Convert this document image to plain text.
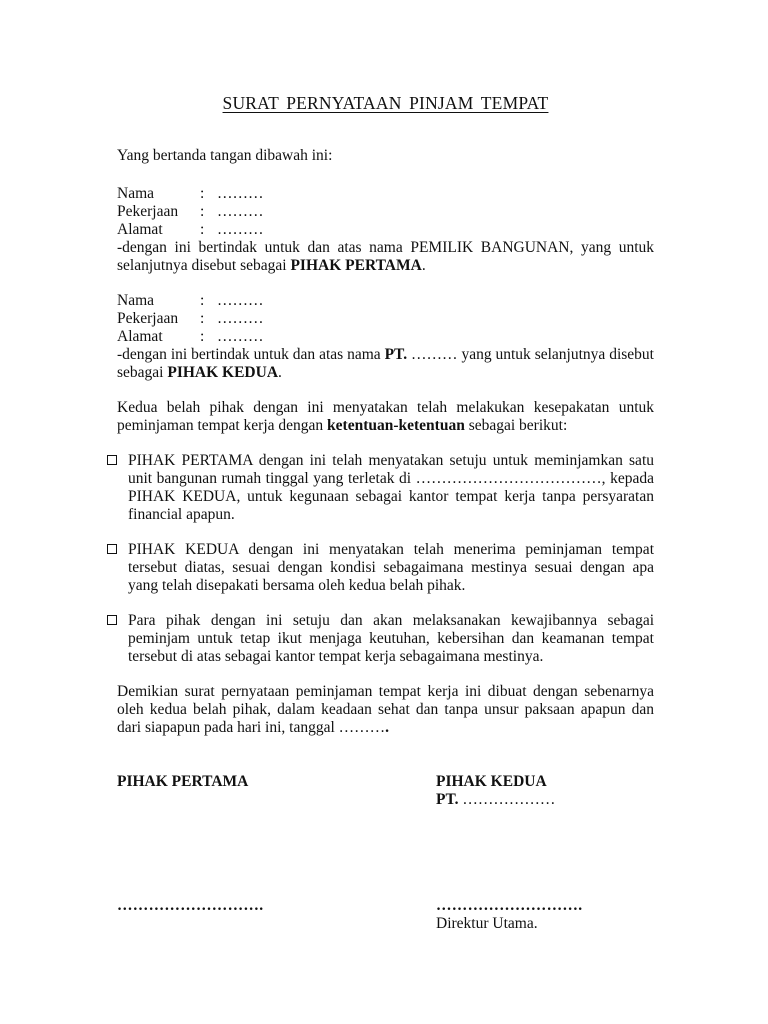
SURAT PERNYATAAN PINJAM TEMPAT
Yang bertanda tangan dibawah ini:
Nama	: ………
Pekerjaan : ………
Alamat : ………
-dengan ini bertindak untuk dan atas nama PEMILIK BANGUNAN, yang untuk selanjutnya disebut sebagai PIHAK PERTAMA.
Nama	: ………
Pekerjaan : ………
Alamat : ………
-dengan ini bertindak untuk dan atas nama PT. ……… yang untuk selanjutnya disebut sebagai PIHAK KEDUA.
Kedua belah pihak dengan ini menyatakan telah melakukan kesepakatan untuk peminjaman tempat kerja dengan ketentuan-ketentuan sebagai berikut:
PIHAK PERTAMA dengan ini telah menyatakan setuju untuk meminjamkan satu unit bangunan rumah tinggal yang terletak di ………………………………, kepada PIHAK KEDUA, untuk kegunaan sebagai kantor tempat kerja tanpa persyaratan financial apapun.
PIHAK KEDUA dengan ini menyatakan telah menerima peminjaman tempat tersebut diatas, sesuai dengan kondisi sebagaimana mestinya sesuai dengan apa yang telah disepakati bersama oleh kedua belah pihak.
Para pihak dengan ini setuju dan akan melaksanakan kewajibannya sebagai peminjam untuk tetap ikut menjaga keutuhan, kebersihan dan keamanan tempat tersebut di atas sebagai kantor tempat kerja sebagaimana mestinya.
Demikian surat pernyataan peminjaman tempat kerja ini dibuat dengan sebenarnya oleh kedua belah pihak, dalam keadaan sehat dan tanpa unsur paksaan apapun dan dari siapapun pada hari ini, tanggal ……….
PIHAK PERTAMA	PIHAK KEDUA
PT. ………………
……………………….	……………………….
Direktur Utama.
